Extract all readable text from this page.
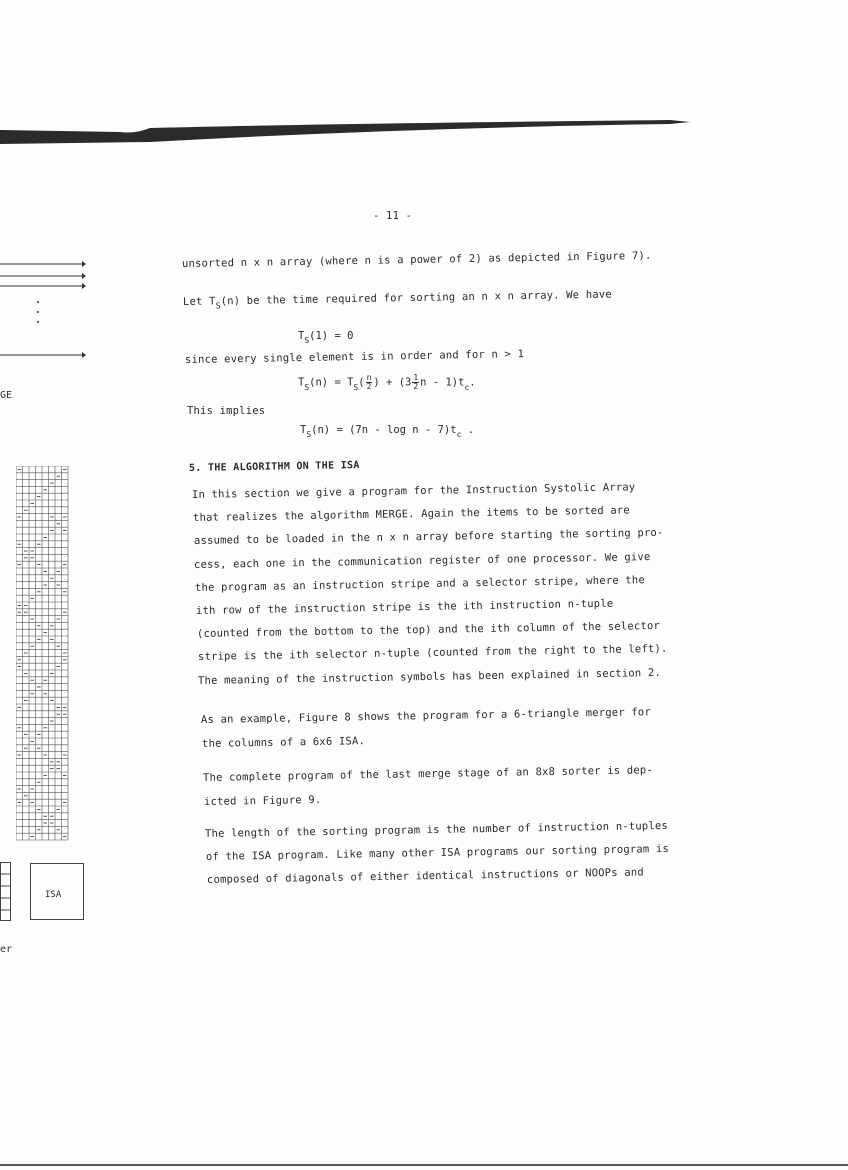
- 11 -
GE
ISA
er
unsorted n x n array (where n is a power of 2) as depicted in Figure 7).
Let $T_S(n)$ be the time required for sorting an n x n array. We have
$T_S(1) = 0$
since every single element is in order and for n > 1
$T_S(n) = T_S( \frac{n}{2}$ ) + ($3 \frac{1}{2}$ n - $1)t_c$.
This implies
$T_S(n) = (7n - \log n - 7)t_c$ .
5. THE ALGORITHM ON THE ISA
In this section we give a program for the Instruction Systolic Array
that realizes the algorithm MERGE. Again the items to be sorted are
assumed to be loaded in the n x n array before starting the sorting pro-
cess, each one in the communication register of one processor. We give
the program as an instruction stripe and a selector stripe, where the
ith row of the instruction stripe is the ith instruction n-tuple
(counted from the bottom to the top) and the ith column of the selector
stripe is the ith selector n-tuple (counted from the right to the left).
The meaning of the instruction symbols has been explained in section 2.
As an example, Figure 8 shows the program for a 6-triangle merger for
the columns of a 6x6 ISA.
The complete program of the last merge stage of an 8x8 sorter is dep-
icted in Figure 9.
The length of the sorting program is the number of instruction n-tuples
of the ISA program. Like many other ISA programs our sorting program is
composed of diagonals of either identical instructions or NOOPs and
